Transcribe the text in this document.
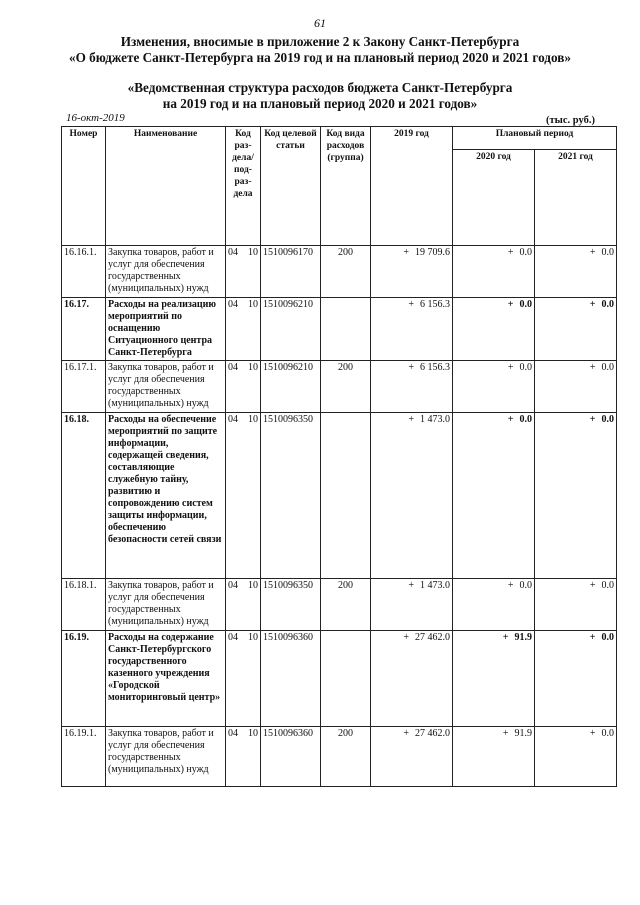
61
Изменения, вносимые в приложение 2 к Закону Санкт-Петербурга
«О бюджете Санкт-Петербурга на 2019 год и на плановый период 2020 и 2021 годов»
«Ведомственная структура расходов бюджета Санкт-Петербурга
на 2019 год и на плановый период 2020 и 2021 годов»
16-окт-2019	(тыс. руб.)
Номер	Наименование	Код раз-дела/ под-раз-дела		Код целевой статьи	Код вида расходов (группа)	2019 год	Плановый период	
							2020 год	2021 год
16.16.1.	Закупка товаров, работ и услуг для обеспечения государственных (муниципальных) нужд	04	10	1510096170	200	+ 19 709.6	+ 0.0	+ 0.0
16.17.	Расходы на реализацию мероприятий по оснащению Ситуационного центра Санкт-Петербурга	04	10	1510096210		+ 6 156.3	+ 0.0	+ 0.0
16.17.1.	Закупка товаров, работ и услуг для обеспечения государственных (муниципальных) нужд	04	10	1510096210	200	+ 6 156.3	+ 0.0	+ 0.0
16.18.	Расходы на обеспечение мероприятий по защите информации, содержащей сведения, составляющие служебную тайну, развитию и сопровождению систем защиты информации, обеспечению безопасности сетей связи	04	10	1510096350		+ 1 473.0	+ 0.0	+ 0.0
16.18.1.	Закупка товаров, работ и услуг для обеспечения государственных (муниципальных) нужд	04	10	1510096350	200	+ 1 473.0	+ 0.0	+ 0.0
16.19.	Расходы на содержание Санкт-Петербургского государственного казенного учреждения «Городской мониторинговый центр»	04	10	1510096360		+ 27 462.0	+ 91.9	+ 0.0
16.19.1.	Закупка товаров, работ и услуг для обеспечения государственных (муниципальных) нужд	04	10	1510096360	200	+ 27 462.0	+ 91.9	+ 0.0
